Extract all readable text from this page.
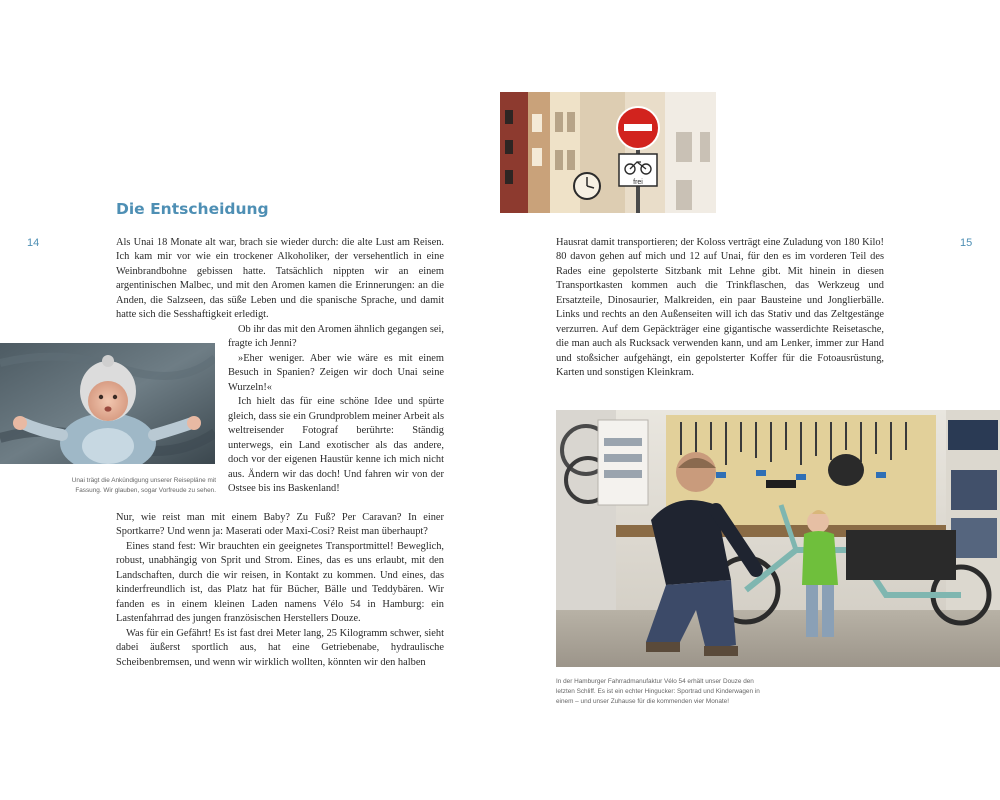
14
Die Entscheidung

Als Unai 18 Monate alt war, brach sie wieder durch: die alte Lust am Reisen. Ich kam mir vor wie ein trockener Alkoholiker, der versehentlich in eine Weinbrandbohne gebissen hatte. Tatsächlich nippten wir an einem argentinischen Malbec, und mit den Aromen kamen die Erinnerungen: an die Anden, die Salzseen, das süße Leben und die spanische Sprache, und damit hatte sich die Sesshaftigkeit erledigt.

Ob ihr das mit den Aromen ähnlich gegangen sei, fragte ich Jenni?

»Eher weniger. Aber wie wäre es mit einem Besuch in Spanien? Zeigen wir doch Unai seine Wurzeln!«

Ich hielt das für eine schöne Idee und spürte gleich, dass sie ein Grundproblem meiner Arbeit als weltreisender Fotograf berührte: Ständig unterwegs, ein Land exotischer als das andere, doch vor der eigenen Haustür kenne ich mich nicht aus. Ändern wir das doch! Und fahren wir von der Ostsee bis ins Baskenland!

Unai trägt die Ankündigung unserer Reisepläne mit Fassung. Wir glauben, sogar Vorfreude zu sehen.

Nur, wie reist man mit einem Baby? Zu Fuß? Per Caravan? In einer Sportkarre? Und wenn ja: Maserati oder Maxi-Cosi? Reist man überhaupt?

Eines stand fest: Wir brauchten ein geeignetes Transportmittel! Beweglich, robust, unabhängig von Sprit und Strom. Eines, das es uns erlaubt, mit den Landschaften, durch die wir reisen, in Kontakt zu kommen. Und eines, das kinderfreundlich ist, das Platz hat für Bücher, Bälle und Teddybären. Wir fanden es in einem kleinen Laden namens Vélo 54 in Hamburg: ein Lastenfahrrad des jungen französischen Herstellers Douze.

Was für ein Gefährt! Es ist fast drei Meter lang, 25 Kilogramm schwer, sieht dabei äußerst sportlich aus, hat eine Getriebenabe, hydraulische Scheibenbremsen, und wenn wir wirklich wollten, könnten wir den halben

frei
15

Hausrat damit transportieren; der Koloss verträgt eine Zuladung von 180 Kilo! 80 davon gehen auf mich und 12 auf Unai, für den es im vorderen Teil des Rades eine gepolsterte Sitzbank mit Lehne gibt. Mit hinein in diesen Transportkasten kommen auch die Trinkflaschen, das Werkzeug und Ersatzteile, Dinosaurier, Malkreiden, ein paar Bausteine und Jonglierbälle. Links und rechts an den Außenseiten will ich das Stativ und das Zeltgestänge verzurren. Auf dem Gepäckträger eine gigantische wasserdichte Reisetasche, die man auch als Rucksack verwenden kann, und am Lenker, immer zur Hand und stoßsicher aufgehängt, ein gepolsterter Koffer für die Fotoausrüstung, Karten und sonstigen Kleinkram.

In der Hamburger Fahrradmanufaktur Vélo 54 erhält unser Douze den letzten Schliff. Es ist ein echter Hingucker: Sportrad und Kinderwagen in einem – und unser Zuhause für die kommenden vier Monate!
